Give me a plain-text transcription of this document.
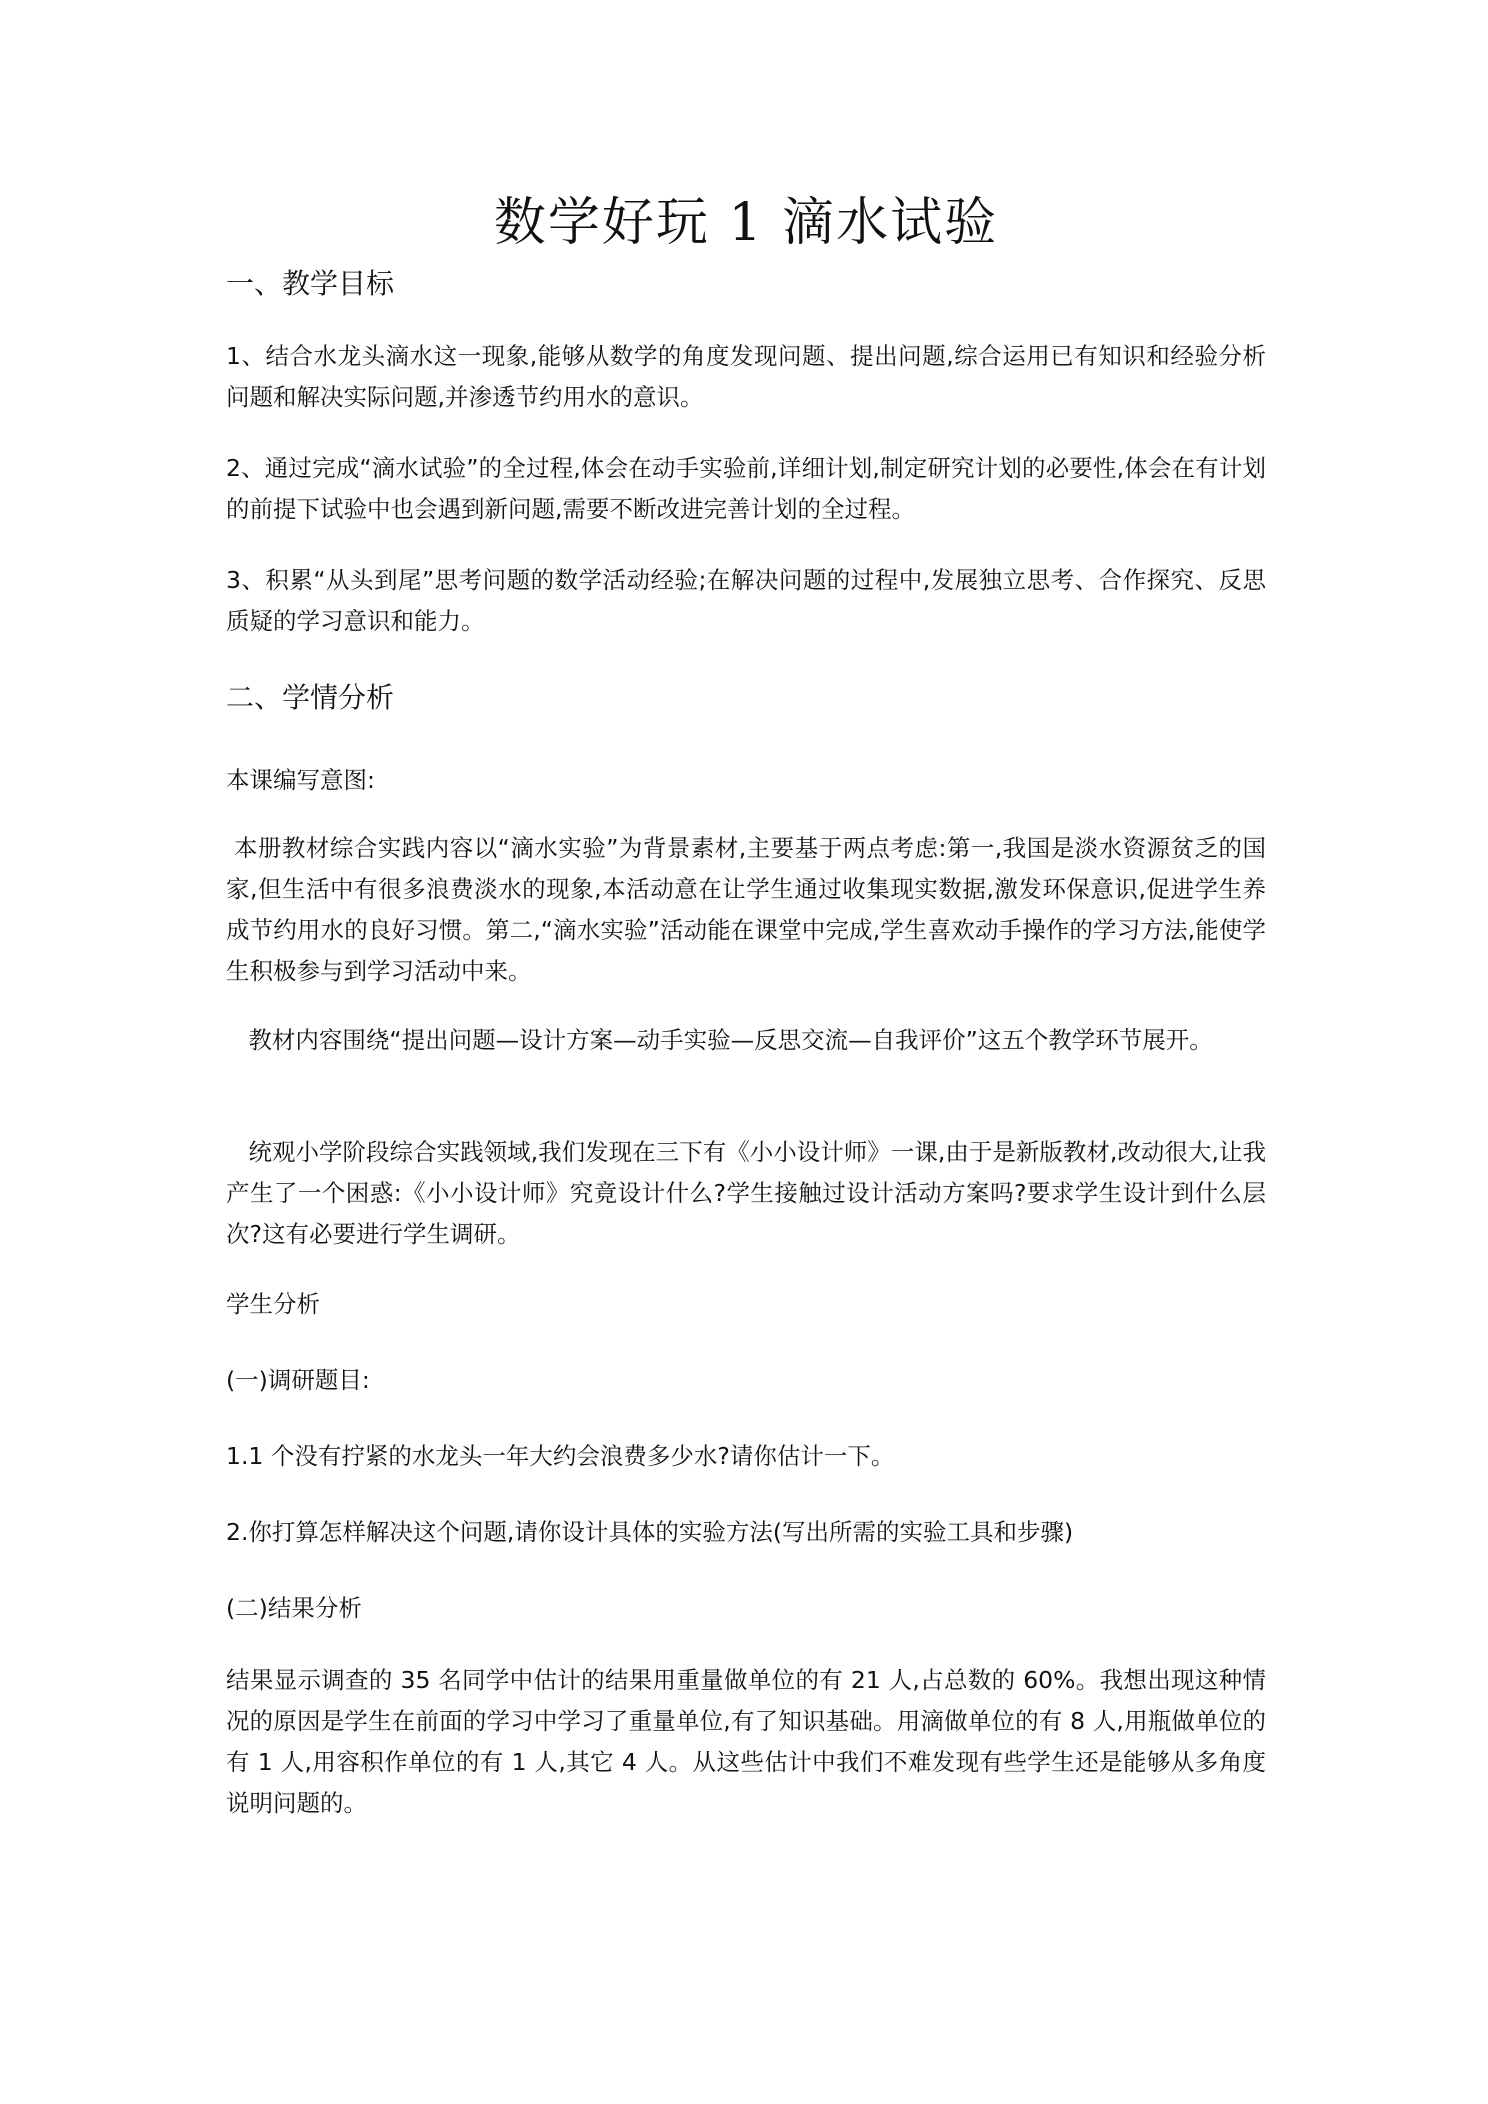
数学好玩 1 滴水试验
一、教学目标

1、结合水龙头滴水这一现象,能够从数学的角度发现问题、提出问题,综合运用已有知识和经验分析问题和解决实际问题,并渗透节约用水的意识。

2、通过完成“滴水试验”的全过程,体会在动手实验前,详细计划,制定研究计划的必要性,体会在有计划的前提下试验中也会遇到新问题,需要不断改进完善计划的全过程。

3、积累“从头到尾”思考问题的数学活动经验;在解决问题的过程中,发展独立思考、合作探究、反思质疑的学习意识和能力。

二、学情分析

本课编写意图:

本册教材综合实践内容以“滴水实验”为背景素材,主要基于两点考虑:第一,我国是淡水资源贫乏的国家,但生活中有很多浪费淡水的现象,本活动意在让学生通过收集现实数据,激发环保意识,促进学生养成节约用水的良好习惯。第二,“滴水实验”活动能在课堂中完成,学生喜欢动手操作的学习方法,能使学生积极参与到学习活动中来。

教材内容围绕“提出问题—设计方案—动手实验—反思交流—自我评价”这五个教学环节展开。

统观小学阶段综合实践领域,我们发现在三下有《小小设计师》一课,由于是新版教材,改动很大,让我产生了一个困惑:《小小设计师》究竟设计什么?学生接触过设计活动方案吗?要求学生设计到什么层次?这有必要进行学生调研。

学生分析

(一)调研题目:

1.1 个没有拧紧的水龙头一年大约会浪费多少水?请你估计一下。

2.你打算怎样解决这个问题,请你设计具体的实验方法(写出所需的实验工具和步骤)

(二)结果分析

结果显示调查的 35 名同学中估计的结果用重量做单位的有 21 人,占总数的 60%。我想出现这种情况的原因是学生在前面的学习中学习了重量单位,有了知识基础。用滴做单位的有 8 人,用瓶做单位的有 1 人,用容积作单位的有 1 人,其它 4 人。从这些估计中我们不难发现有些学生还是能够从多角度说明问题的。
